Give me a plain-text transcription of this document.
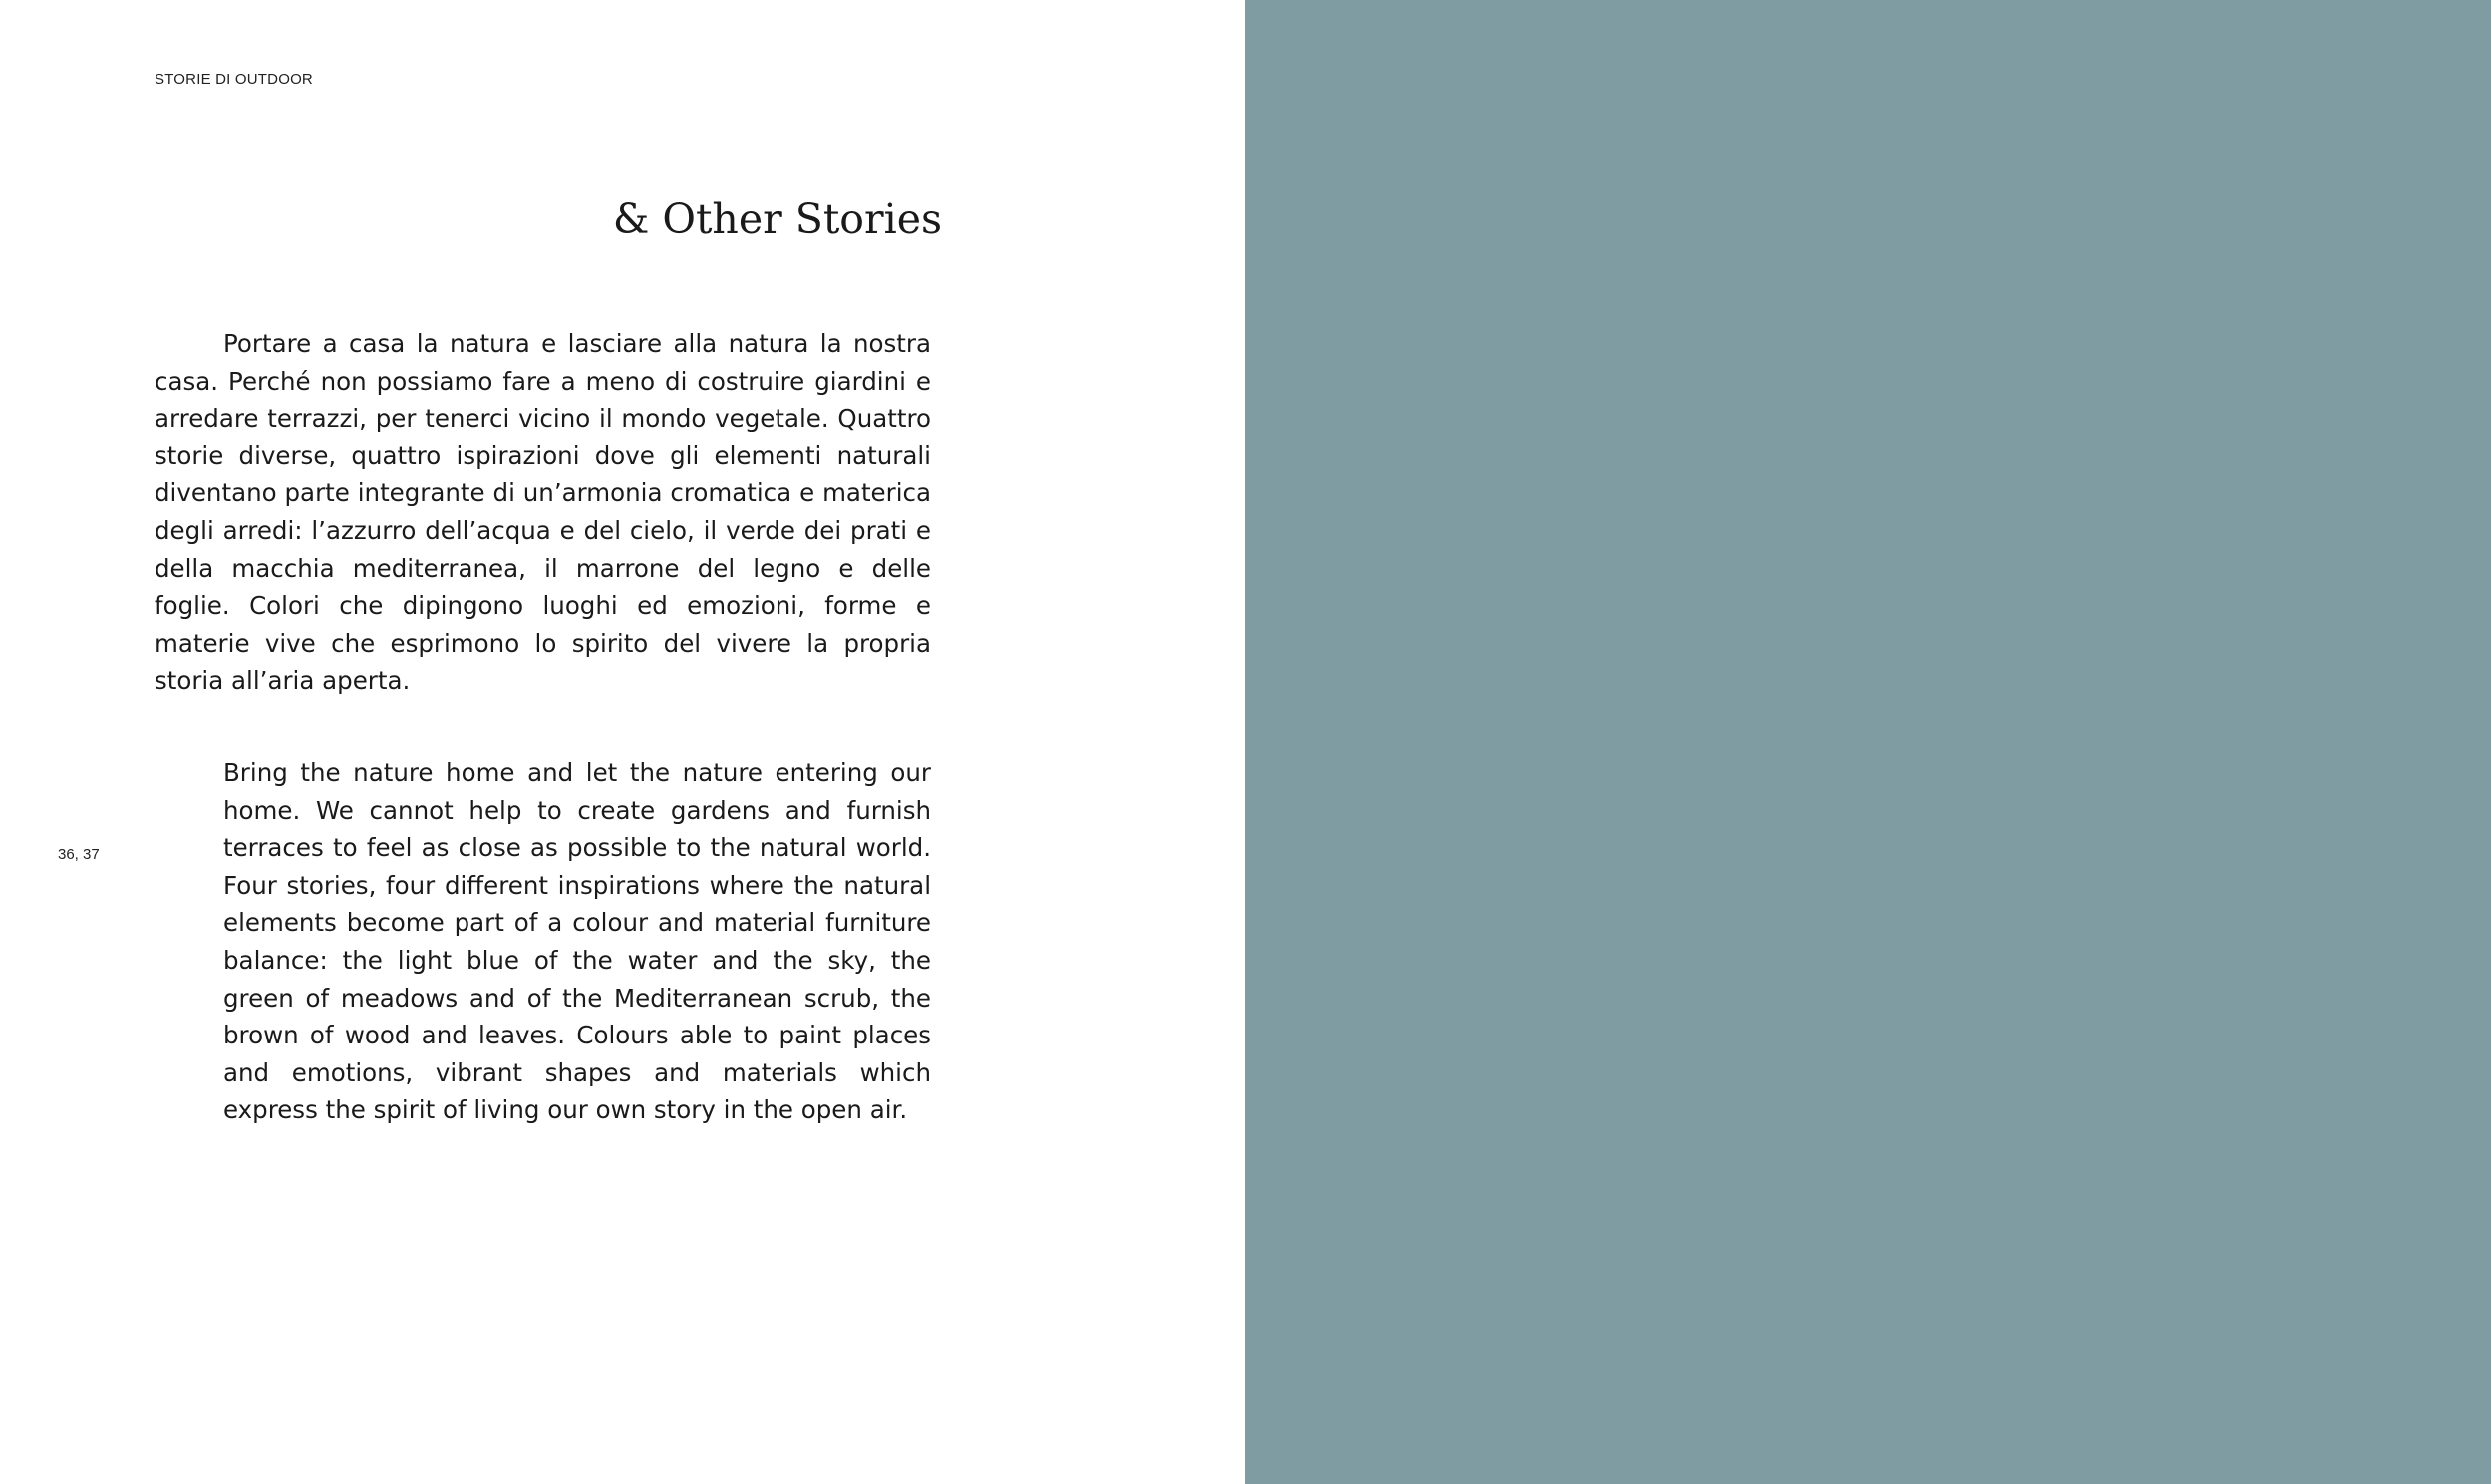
STORIE DI OUTDOOR
& Other Stories

Portare a casa la natura e lasciare alla natura la nostra casa. Perché non possiamo fare a meno di costruire giardini e arredare terrazzi, per tenerci vicino il mondo vegetale. Quattro storie diverse, quattro ispirazioni dove gli elementi naturali diventano parte integrante di un’armonia cromatica e materica degli arredi: l’azzurro dell’acqua e del cielo, il verde dei prati e della macchia mediterranea, il marrone del legno e delle foglie. Colori che dipingono luoghi ed emozioni, forme e materie vive che esprimono lo spirito del vivere la propria storia all’aria aperta.

Bring the nature home and let the nature entering our home. We cannot help to create gardens and furnish terraces to feel as close as possible to the natural world. Four stories, four different inspirations where the natural elements become part of a colour and material furniture balance: the light blue of the water and the sky, the green of meadows and of the Mediterranean scrub, the brown of wood and leaves. Colours able to paint places and emotions, vibrant shapes and materials which express the spirit of living our own story in the open air.

36, 37
